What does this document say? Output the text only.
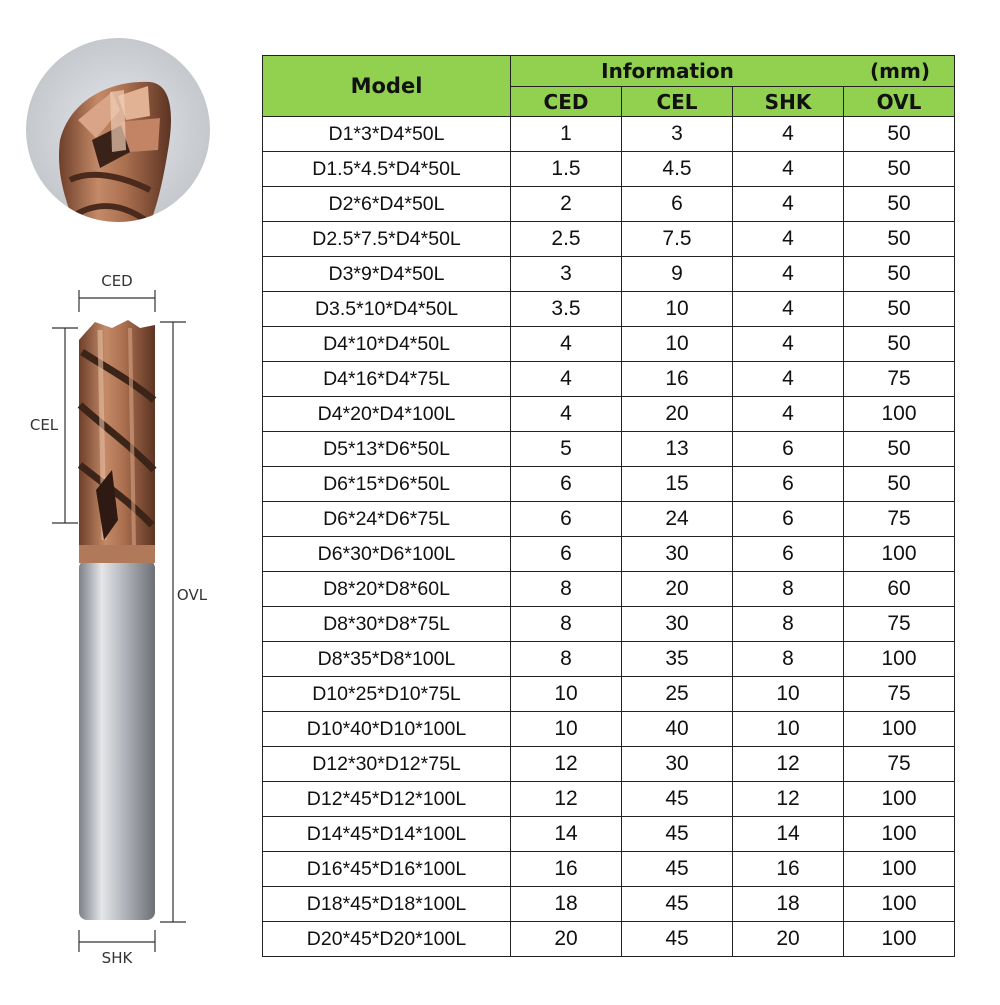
CED
CEL
OVL
SHK
Model	Information (mm)			

	CED	CEL	SHK	OVL
D1*3*D4*50L	1	3	4	50
D1.5*4.5*D4*50L	1.5	4.5	4	50
D2*6*D4*50L	2	6	4	50
D2.5*7.5*D4*50L	2.5	7.5	4	50
D3*9*D4*50L	3	9	4	50
D3.5*10*D4*50L	3.5	10	4	50
D4*10*D4*50L	4	10	4	50
D4*16*D4*75L	4	16	4	75
D4*20*D4*100L	4	20	4	100
D5*13*D6*50L	5	13	6	50
D6*15*D6*50L	6	15	6	50
D6*24*D6*75L	6	24	6	75
D6*30*D6*100L	6	30	6	100
D8*20*D8*60L	8	20	8	60
D8*30*D8*75L	8	30	8	75
D8*35*D8*100L	8	35	8	100
D10*25*D10*75L	10	25	10	75
D10*40*D10*100L	10	40	10	100
D12*30*D12*75L	12	30	12	75
D12*45*D12*100L	12	45	12	100
D14*45*D14*100L	14	45	14	100
D16*45*D16*100L	16	45	16	100
D18*45*D18*100L	18	45	18	100
D20*45*D20*100L	20	45	20	100
